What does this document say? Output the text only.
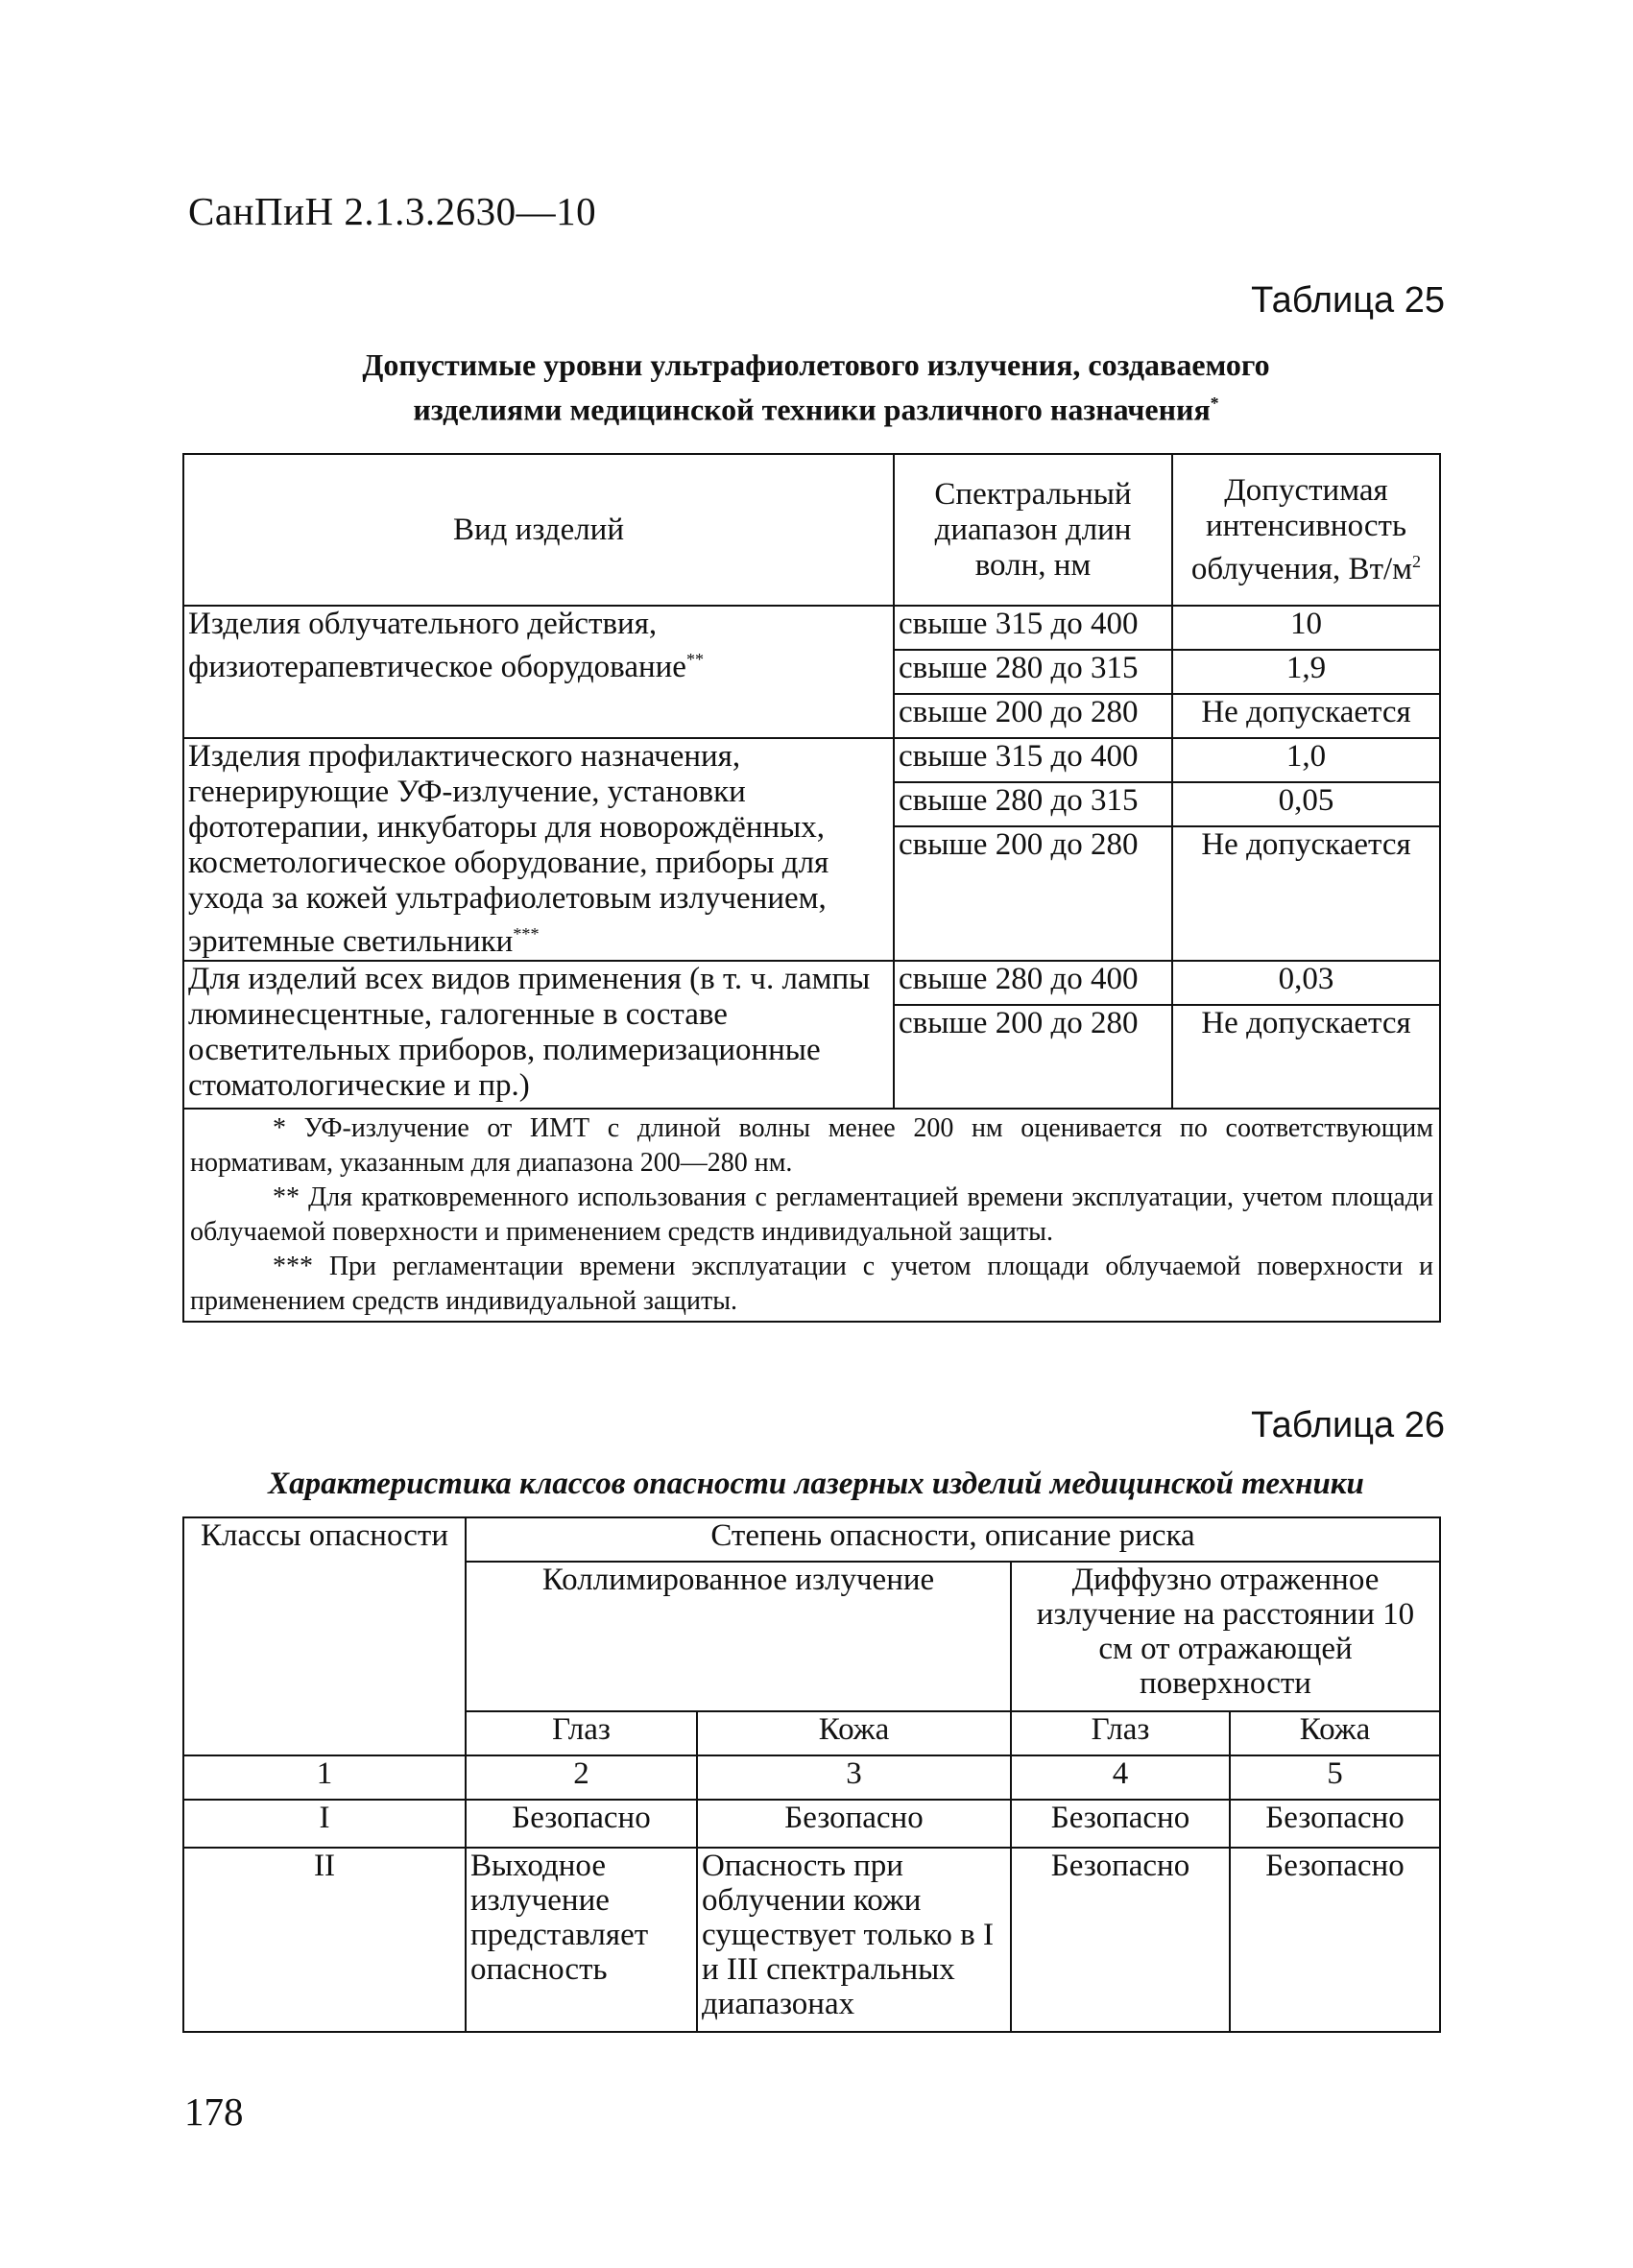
СанПиН 2.1.3.2630—10
Таблица 25
Допустимые уровни ультрафиолетового излучения, создаваемого
изделиями медицинской техники различного назначения*
Вид изделий	Спектральный диапазон длин волн, нм	Допустимая интенсивность облучения, $Вт/м^2$
Изделия облучательного действия, физиотерапевтическое оборудование**	свыше 315 до 400	10
	свыше 280 до 315	1,9
	свыше 200 до 280	Не допускается
Изделия профилактического назначения, генерирующие УФ-излучение, установки фототерапии, инкубаторы для новорождённых, косметологическое оборудование, приборы для ухода за кожей ультрафиолетовым излучением, эритемные светильники***	свыше 315 до 400	1,0
	свыше 280 до 315	0,05
	свыше 200 до 280	Не допускается
Для изделий всех видов применения (в т. ч. лампы люминесцентные, галогенные в составе осветительных приборов, полимеризационные стоматологические и пр.)	свыше 280 до 400	0,03
	свыше 200 до 280	Не допускается

* УФ-излучение от ИМТ с длиной волны менее 200 нм оценивается по соответствующим нормативам, указанным для диапазона 200—280 нм.

** Для кратковременного использования с регламентацией времени эксплуатации, учетом площади облучаемой поверхности и применением средств индивидуальной защиты.

*** При регламентации времени эксплуатации с учетом площади облучаемой поверхности и применением средств индивидуальной защиты.		

Таблица 26
Характеристика классов опасности лазерных изделий медицинской техники
Классы опасности	Степень опасности, описание риска			
	Коллимированное излучение		Диффузно отраженное излучение на расстоянии 10 см от отражающей поверхности	
	Глаз	Кожа	Глаз	Кожа
1	2	3	4	5
I	Безопасно	Безопасно	Безопасно	Безопасно
II	Выходное излучение представляет опасность	Опасность при облучении кожи существует только в I и III спектральных диапазонах	Безопасно	Безопасно
178
